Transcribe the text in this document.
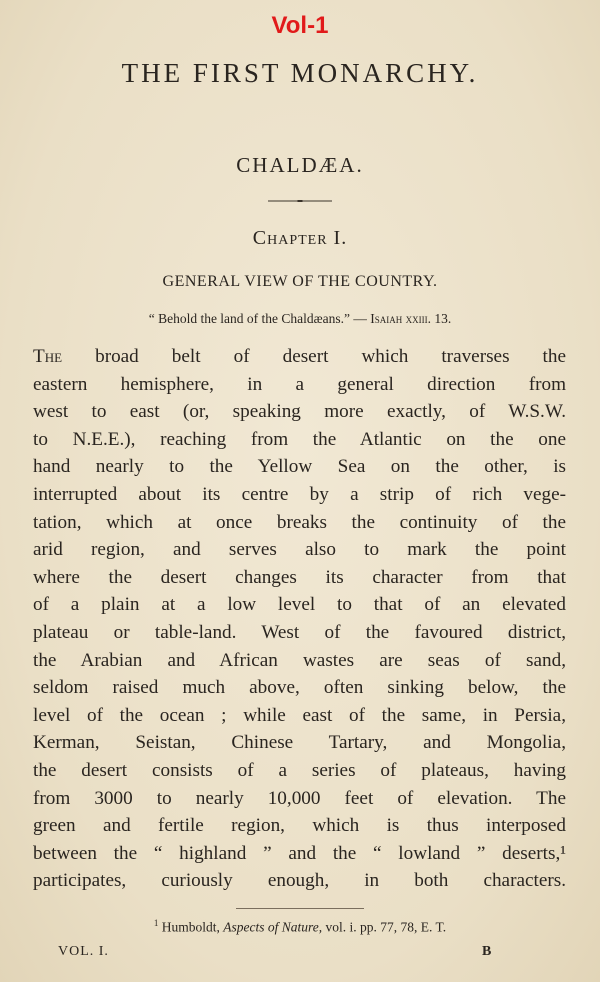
Vol-1
THE FIRST MONARCHY.
CHALDÆA.
Chapter I.
GENERAL VIEW OF THE COUNTRY.
“ Behold the land of the Chaldæans.” — Isaiah xxiii. 13.
The broad belt of desert which traverses the
eastern hemisphere, in a general direction from
west to east (or, speaking more exactly, of W.S.W.
to N.E.E.), reaching from the Atlantic on the one
hand nearly to the Yellow Sea on the other, is
interrupted about its centre by a strip of rich vege-
tation, which at once breaks the continuity of the
arid region, and serves also to mark the point
where the desert changes its character from that
of a plain at a low level to that of an elevated
plateau or table-land. West of the favoured district,
the Arabian and African wastes are seas of sand,
seldom raised much above, often sinking below, the
level of the ocean ; while east of the same, in Persia,
Kerman, Seistan, Chinese Tartary, and Mongolia,
the desert consists of a series of plateaus, having
from 3000 to nearly 10,000 feet of elevation. The
green and fertile region, which is thus interposed
between the “ highland ” and the “ lowland ” deserts,¹
participates, curiously enough, in both characters.
$^1$ Humboldt, Aspects of Nature, vol. i. pp. 77, 78, E. T.
VOL. I.	B
